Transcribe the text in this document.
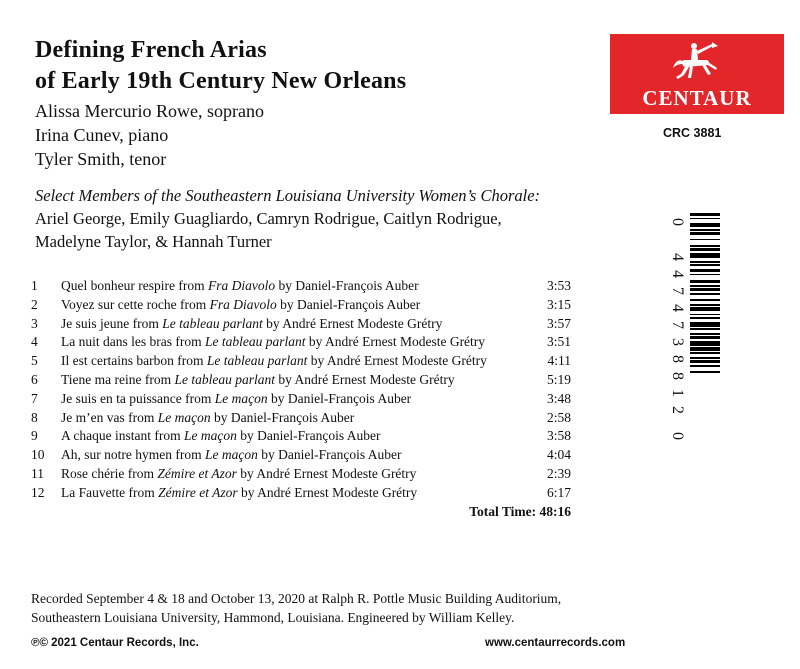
Defining French Arias
of Early 19th Century New Orleans
Alissa Mercurio Rowe, soprano
Irina Cunev, piano
Tyler Smith, tenor
Select Members of the Southeastern Louisiana University Women’s Chorale:
Ariel George, Emily Guagliardo, Camryn Rodrigue, Caitlyn Rodrigue,
Madelyne Taylor, & Hannah Turner
1 Quel bonheur respire from Fra Diavolo by Daniel-François Auber	3:53
2 Voyez sur cette roche from Fra Diavolo by Daniel-François Auber	3:15
3 Je suis jeune from Le tableau parlant by André Ernest Modeste Grétry	3:57
4 La nuit dans les bras from Le tableau parlant by André Ernest Modeste Grétry	3:51
5 Il est certains barbon from Le tableau parlant by André Ernest Modeste Grétry	4:11
6 Tiene ma reine from Le tableau parlant by André Ernest Modeste Grétry	5:19
7 Je suis en ta puissance from Le maçon by Daniel-François Auber	3:48
8 Je m’en vas from Le maçon by Daniel-François Auber	2:58
9 A chaque instant from Le maçon by Daniel-François Auber	3:58
10 Ah, sur notre hymen from Le maçon by Daniel-François Auber	4:04
11 Rose chérie from Zémire et Azor by André Ernest Modeste Grétry	2:39
12 La Fauvette from Zémire et Azor by André Ernest Modeste Grétry	6:17
Total Time: 48:16
Recorded September 4 & 18 and October 13, 2020 at Ralph R. Pottle Music Building Auditorium,
Southeastern Louisiana University, Hammond, Louisiana. Engineered by William Kelley.
℗© 2021 Centaur Records, Inc.	www.centaurrecords.com
CENTAUR
CRC 3881
0
4
4
7
4
7
3
8
8
1
2
0
